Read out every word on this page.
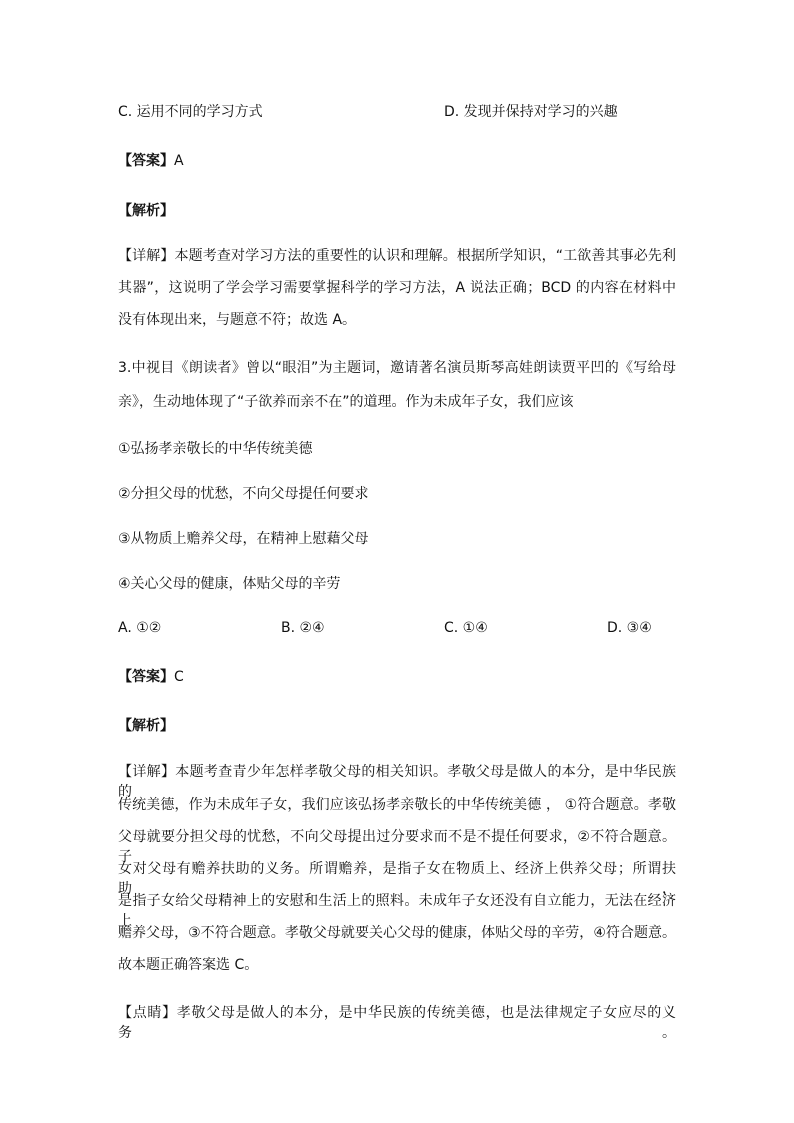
C. 运用不同的学习方式	D. 发现并保持对学习的兴趣
【答案】A
【解析】
【详解】本题考查对学习方法的重要性的认识和理解。根据所学知识，“工欲善其事必先利
其器”，这说明了学会学习需要掌握科学的学习方法，A 说法正确；BCD 的内容在材料中
没有体现出来，与题意不符；故选 A。
3.中视目《朗读者》曾以“眼泪”为主题词，邀请著名演员斯琴高娃朗读贾平凹的《写给母
亲》，生动地体现了“子欲养而亲不在”的道理。作为未成年子女，我们应该
①弘扬孝亲敬长的中华传统美德
②分担父母的忧愁，不向父母提任何要求
③从物质上赡养父母，在精神上慰藉父母
④关心父母的健康，体贴父母的辛劳
A. ①②	B. ②④	C. ①④	D. ③④
【答案】C
【解析】
【详解】本题考查青少年怎样孝敬父母的相关知识。孝敬父母是做人的本分，是中华民族的
传统美德，作为未成年子女，我们应该弘扬孝亲敬长的中华传统美德 ， ①符合题意。孝敬
父母就要分担父母的忧愁，不向父母提出过分要求而不是不提任何要求，②不符合题意。子
女对父母有赡养扶助的义务。所谓赡养，是指子女在物质上、经济上供养父母；所谓扶助，
是指子女给父母精神上的安慰和生活上的照料。未成年子女还没有自立能力，无法在经济上
赡养父母，③不符合题意。孝敬父母就要关心父母的健康，体贴父母的辛劳，④符合题意。
故本题正确答案选 C。
【点睛】孝敬父母是做人的本分，是中华民族的传统美德，也是法律规定子女应尽的义务。
